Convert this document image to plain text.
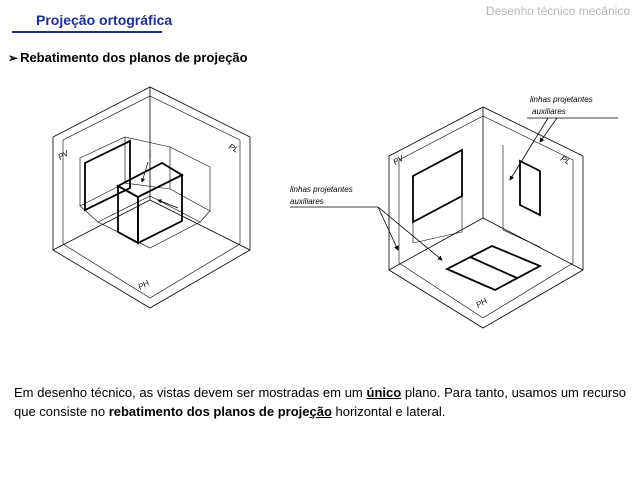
Projeção ortográfica
Desenho técnico mecânico
➢ Rebatimento dos planos de projeção
PV
PL
PH
PV	PL
PH
linhas projetantes
auxiliares
linhas projetantes
auxiliares
Em desenho técnico, as vistas devem ser mostradas em um único plano. Para tanto, usamos um recurso que consiste no rebatimento dos planos de projeção horizontal e lateral.
